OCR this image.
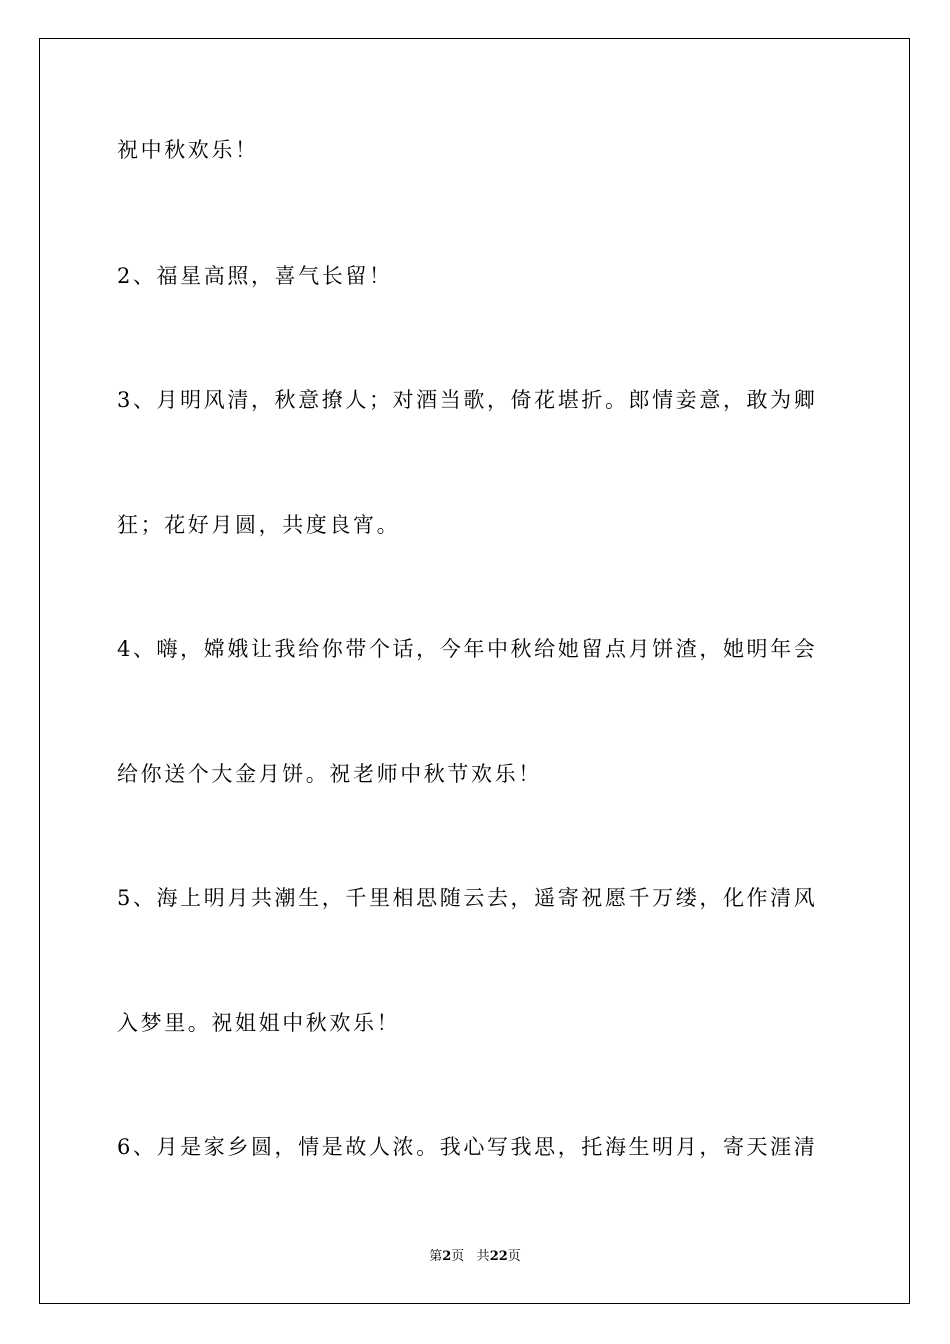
祝中秋欢乐！
2、福星高照，喜气长留！
3、月明风清，秋意撩人；对酒当歌，倚花堪折。郎情妾意，敢为卿
狂；花好月圆，共度良宵。
4、嗨，嫦娥让我给你带个话，今年中秋给她留点月饼渣，她明年会
给你送个大金月饼。祝老师中秋节欢乐！
5、海上明月共潮生，千里相思随云去，遥寄祝愿千万缕，化作清风
入梦里。祝姐姐中秋欢乐！
6、月是家乡圆，情是故人浓。我心写我思，托海生明月，寄天涯清
第2页 共22页
